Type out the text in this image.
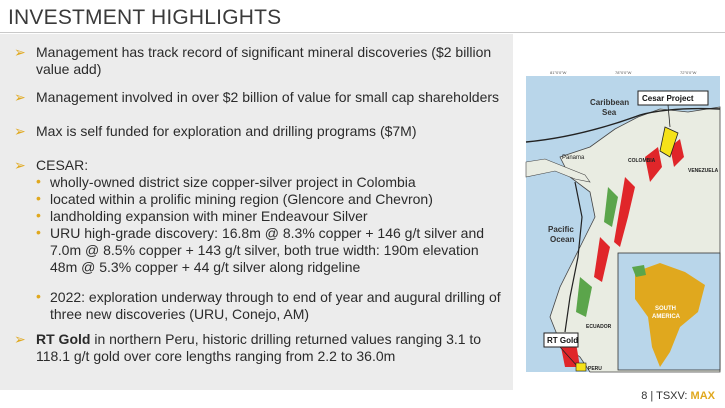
INVESTMENT HIGHLIGHTS
➢ Management has track record of significant mineral discoveries ($2 billion value add)
➢ Management involved in over $2 billion of value for small cap shareholders
➢ Max is self funded for exploration and drilling programs ($7M)
➢ CESAR:
• wholly-owned district size copper-silver project in Colombia
• located within a prolific mining region (Glencore and Chevron)
• landholding expansion with miner Endeavour Silver
• URU high-grade discovery: 16.8m @ 8.3% copper + 146 g/t silver and 7.0m @ 8.5% copper + 143 g/t silver, both true width: 190m elevation 48m @ 5.3% copper + 44 g/t silver along ridgeline
• 2022: exploration underway through to end of year and augural drilling of three new discoveries (URU, Conejo, AM)
➢ RT Gold in northern Peru, historic drilling returned values ranging 3.1 to 118.1 g/t gold over core lengths ranging from 2.2 to 36.0m
81°0'0"W	78°0'0"W	72°0'0"W
COLOMBIA
VENEZUELA
Panama
Caribbean
Sea
Pacific
Ocean
Cesar Project
SOUTH
AMERICA
RT Gold
ECUADOR
PERU
8 | TSXV: MAX
